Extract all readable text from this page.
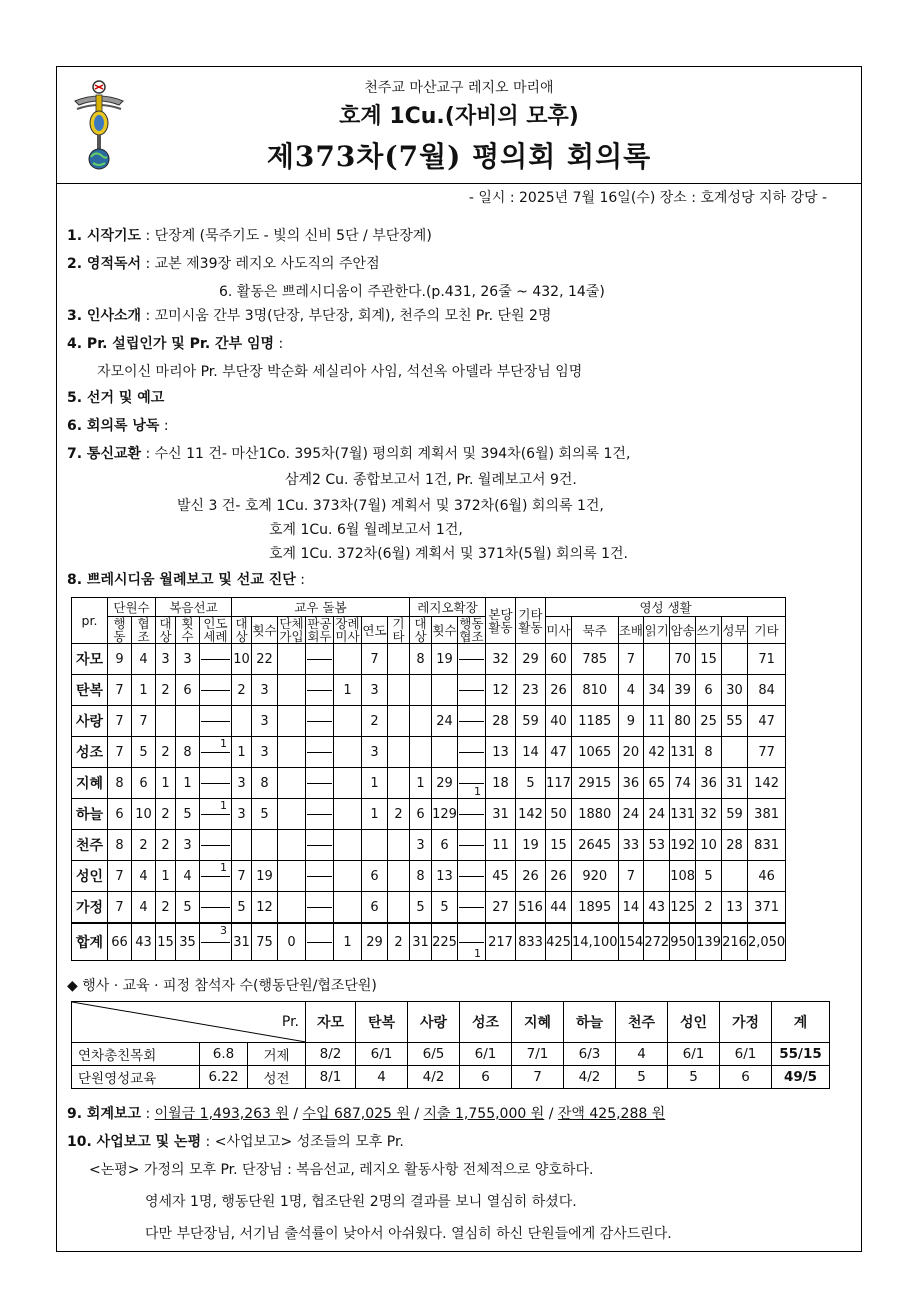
천주교 마산교구 레지오 마리애
호계 1Cu.(자비의 모후)
제373차(7월) 평의회 회의록
- 일시 : 2025년 7월 16일(수) 장소 : 호계성당 지하 강당 -
1. 시작기도 : 단장계 (묵주기도 - 빛의 신비 5단 / 부단장계)
2. 영적독서 : 교본 제39장 레지오 사도직의 주안점
6. 활동은 쁘레시디움이 주관한다.(p.431, 26줄 ~ 432, 14줄)
3. 인사소개 : 꼬미시움 간부 3명(단장, 부단장, 회계), 천주의 모친 Pr. 단원 2명
4. Pr. 설립인가 및 Pr. 간부 임명 :
자모이신 마리아 Pr. 부단장 박순화 세실리아 사임, 석선옥 아델라 부단장님 임명
5. 선거 및 예고
6. 회의록 낭독 :
7. 통신교환 : 수신 11 건- 마산1Co. 395차(7월) 평의회 계획서 및 394차(6월) 회의록 1건,
삼계2 Cu. 종합보고서 1건, Pr. 월례보고서 9건.
발신 3 건- 호계 1Cu. 373차(7월) 계획서 및 372차(6월) 회의록 1건,
호계 1Cu. 6월 월례보고서 1건,
호계 1Cu. 372차(6월) 계획서 및 371차(5월) 회의록 1건.
8. 쁘레시디움 월례보고 및 선교 진단 :
pr.	단원수		복음선교			교우 돌봄							레지오확장			본당활동	기타활동	영성 생활							
	행동	협조	대상	횟수	인도세례	대상	횟수	단체가입	판공회두	장례미사	연도	기타	대상	횟수	행동협조			미사	묵주	조배	읽기	암송	쓰기	성무	기타
자모	9	4	3	3		10	22				7		8	19		32	29	60	785	7		70	15		71
탄복	7	1	2	6		2	3			1	3					12	23	26	810	4	34	39	6	30	84
사랑	7	7					3				2			24		28	59	40	1185	9	11	80	25	55	47
성조	7	5	2	8	1	1	3				3					13	14	47	1065	20	42	131	8		77
지혜	8	6	1	1		3	8				1		1	29	1	18	5	117	2915	36	65	74	36	31	142
하늘	6	10	2	5	1	3	5				1	2	6	129		31	142	50	1880	24	24	131	32	59	381
천주	8	2	2	3									3	6		11	19	15	2645	33	53	192	10	28	831
성인	7	4	1	4	1	7	19				6		8	13		45	26	26	920	7		108	5		46
가정	7	4	2	5		5	12				6		5	5		27	516	44	1895	14	43	125	2	13	371
합계	66	43	15	35	3	31	75	0		1	29	2	31	225	1	217	833	425	14,100	154	272	950	139	216	2,050
◆ 행사 · 교육 · 피정 참석자 수(행동단원/협조단원)
Pr.			자모	탄복	사랑	성조	지혜	하늘	천주	성인	가정	계
연차총친목회	6.8	거제	8/2	6/1	6/5	6/1	7/1	6/3	4	6/1	6/1	55/15
단원영성교육	6.22	성전	8/1	4	4/2	6	7	4/2	5	5	6	49/5
9. 회계보고 : 이월금 1,493,263 원 / 수입 687,025 원 / 지출 1,755,000 원 / 잔액 425,288 원
10. 사업보고 및 논평 : <사업보고> 성조들의 모후 Pr.
<논평> 가정의 모후 Pr. 단장님 : 복음선교, 레지오 활동사항 전체적으로 양호하다.
영세자 1명, 행동단원 1명, 협조단원 2명의 결과를 보니 열심히 하셨다.
다만 부단장님, 서기님 출석률이 낮아서 아쉬웠다. 열심히 하신 단원들에게 감사드린다.
